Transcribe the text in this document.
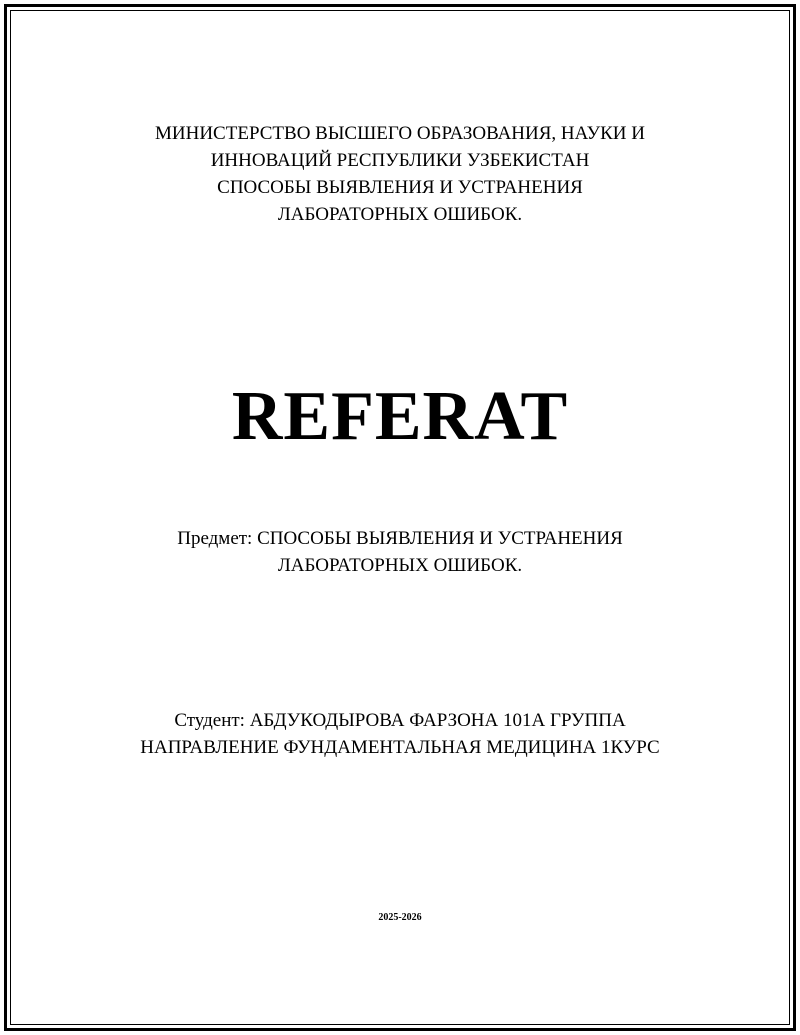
МИНИСТЕРСТВО ВЫСШЕГО ОБРАЗОВАНИЯ, НАУКИ И
ИННОВАЦИЙ РЕСПУБЛИКИ УЗБЕКИСТАН
СПОСОБЫ ВЫЯВЛЕНИЯ И УСТРАНЕНИЯ
ЛАБОРАТОРНЫХ ОШИБОК.
REFERAT
Предмет: СПОСОБЫ ВЫЯВЛЕНИЯ И УСТРАНЕНИЯ
ЛАБОРАТОРНЫХ ОШИБОК.
Студент: АБДУКОДЫРОВА ФАРЗОНА 101А ГРУППА
НАПРАВЛЕНИЕ ФУНДАМЕНТАЛЬНАЯ МЕДИЦИНА 1КУРС
2025-2026
